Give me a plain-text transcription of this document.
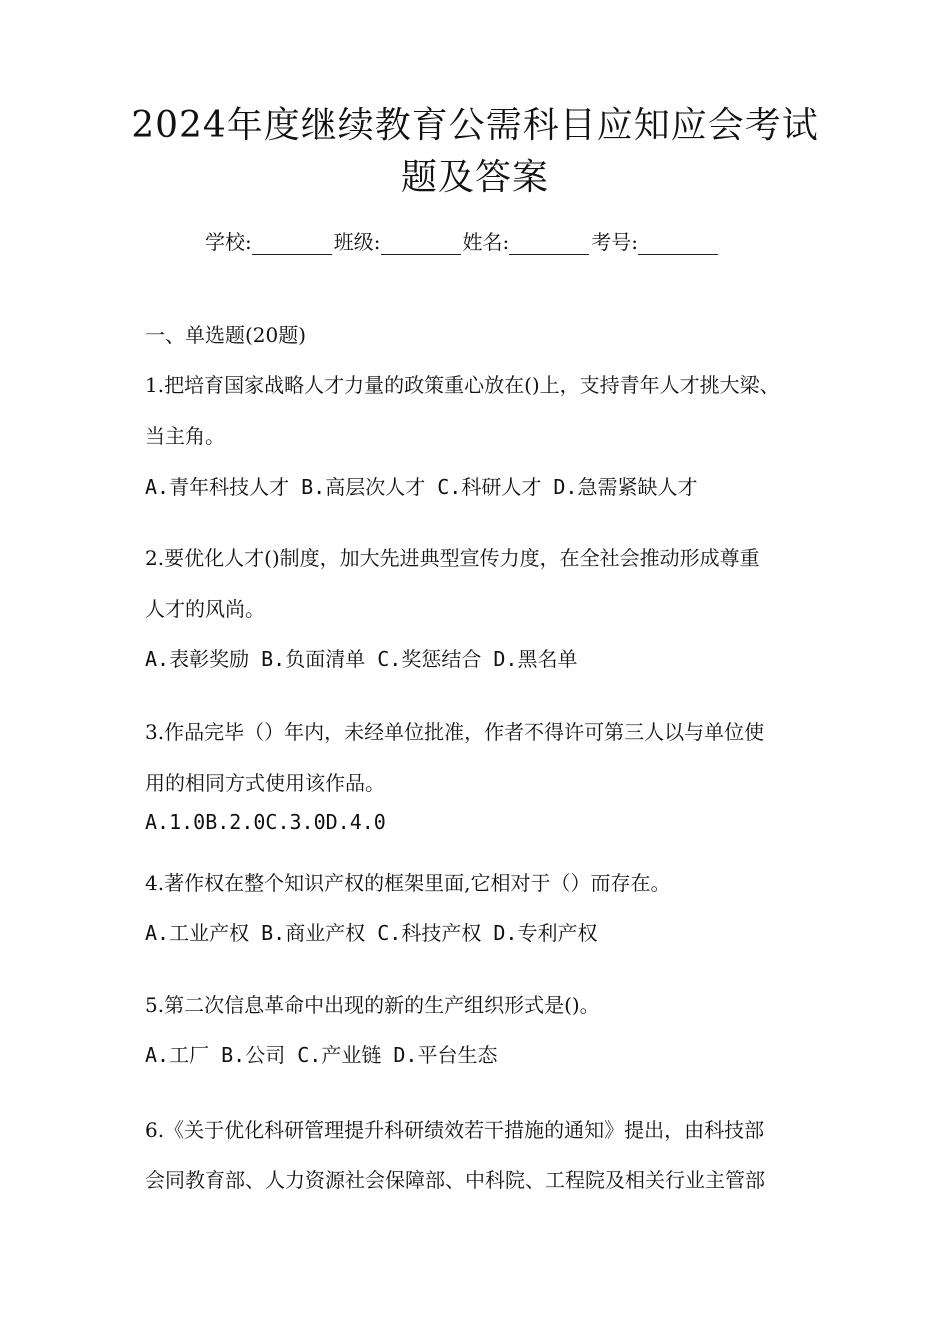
2024年度继续教育公需科目应知应会考试
题及答案
学校:	班级:	姓名:	考号:
一、单选题(20题)
1.把培育国家战略人才力量的政策重心放在()上，支持青年人才挑大梁、
当主角。
A.青年科技人才 B.高层次人才 C.科研人才 D.急需紧缺人才
2.要优化人才()制度，加大先进典型宣传力度，在全社会推动形成尊重
人才的风尚。
A.表彰奖励 B.负面清单 C.奖惩结合 D.黑名单
3.作品完毕（）年内，未经单位批准，作者不得许可第三人以与单位使
用的相同方式使用该作品。
A.1.0B.2.0C.3.0D.4.0
4.著作权在整个知识产权的框架里面,它相对于（）而存在。
A.工业产权 B.商业产权 C.科技产权 D.专利产权
5.第二次信息革命中出现的新的生产组织形式是()。
A.工厂 B.公司 C.产业链 D.平台生态
6.《关于优化科研管理提升科研绩效若干措施的通知》提出，由科技部
会同教育部、人力资源社会保障部、中科院、工程院及相关行业主管部
